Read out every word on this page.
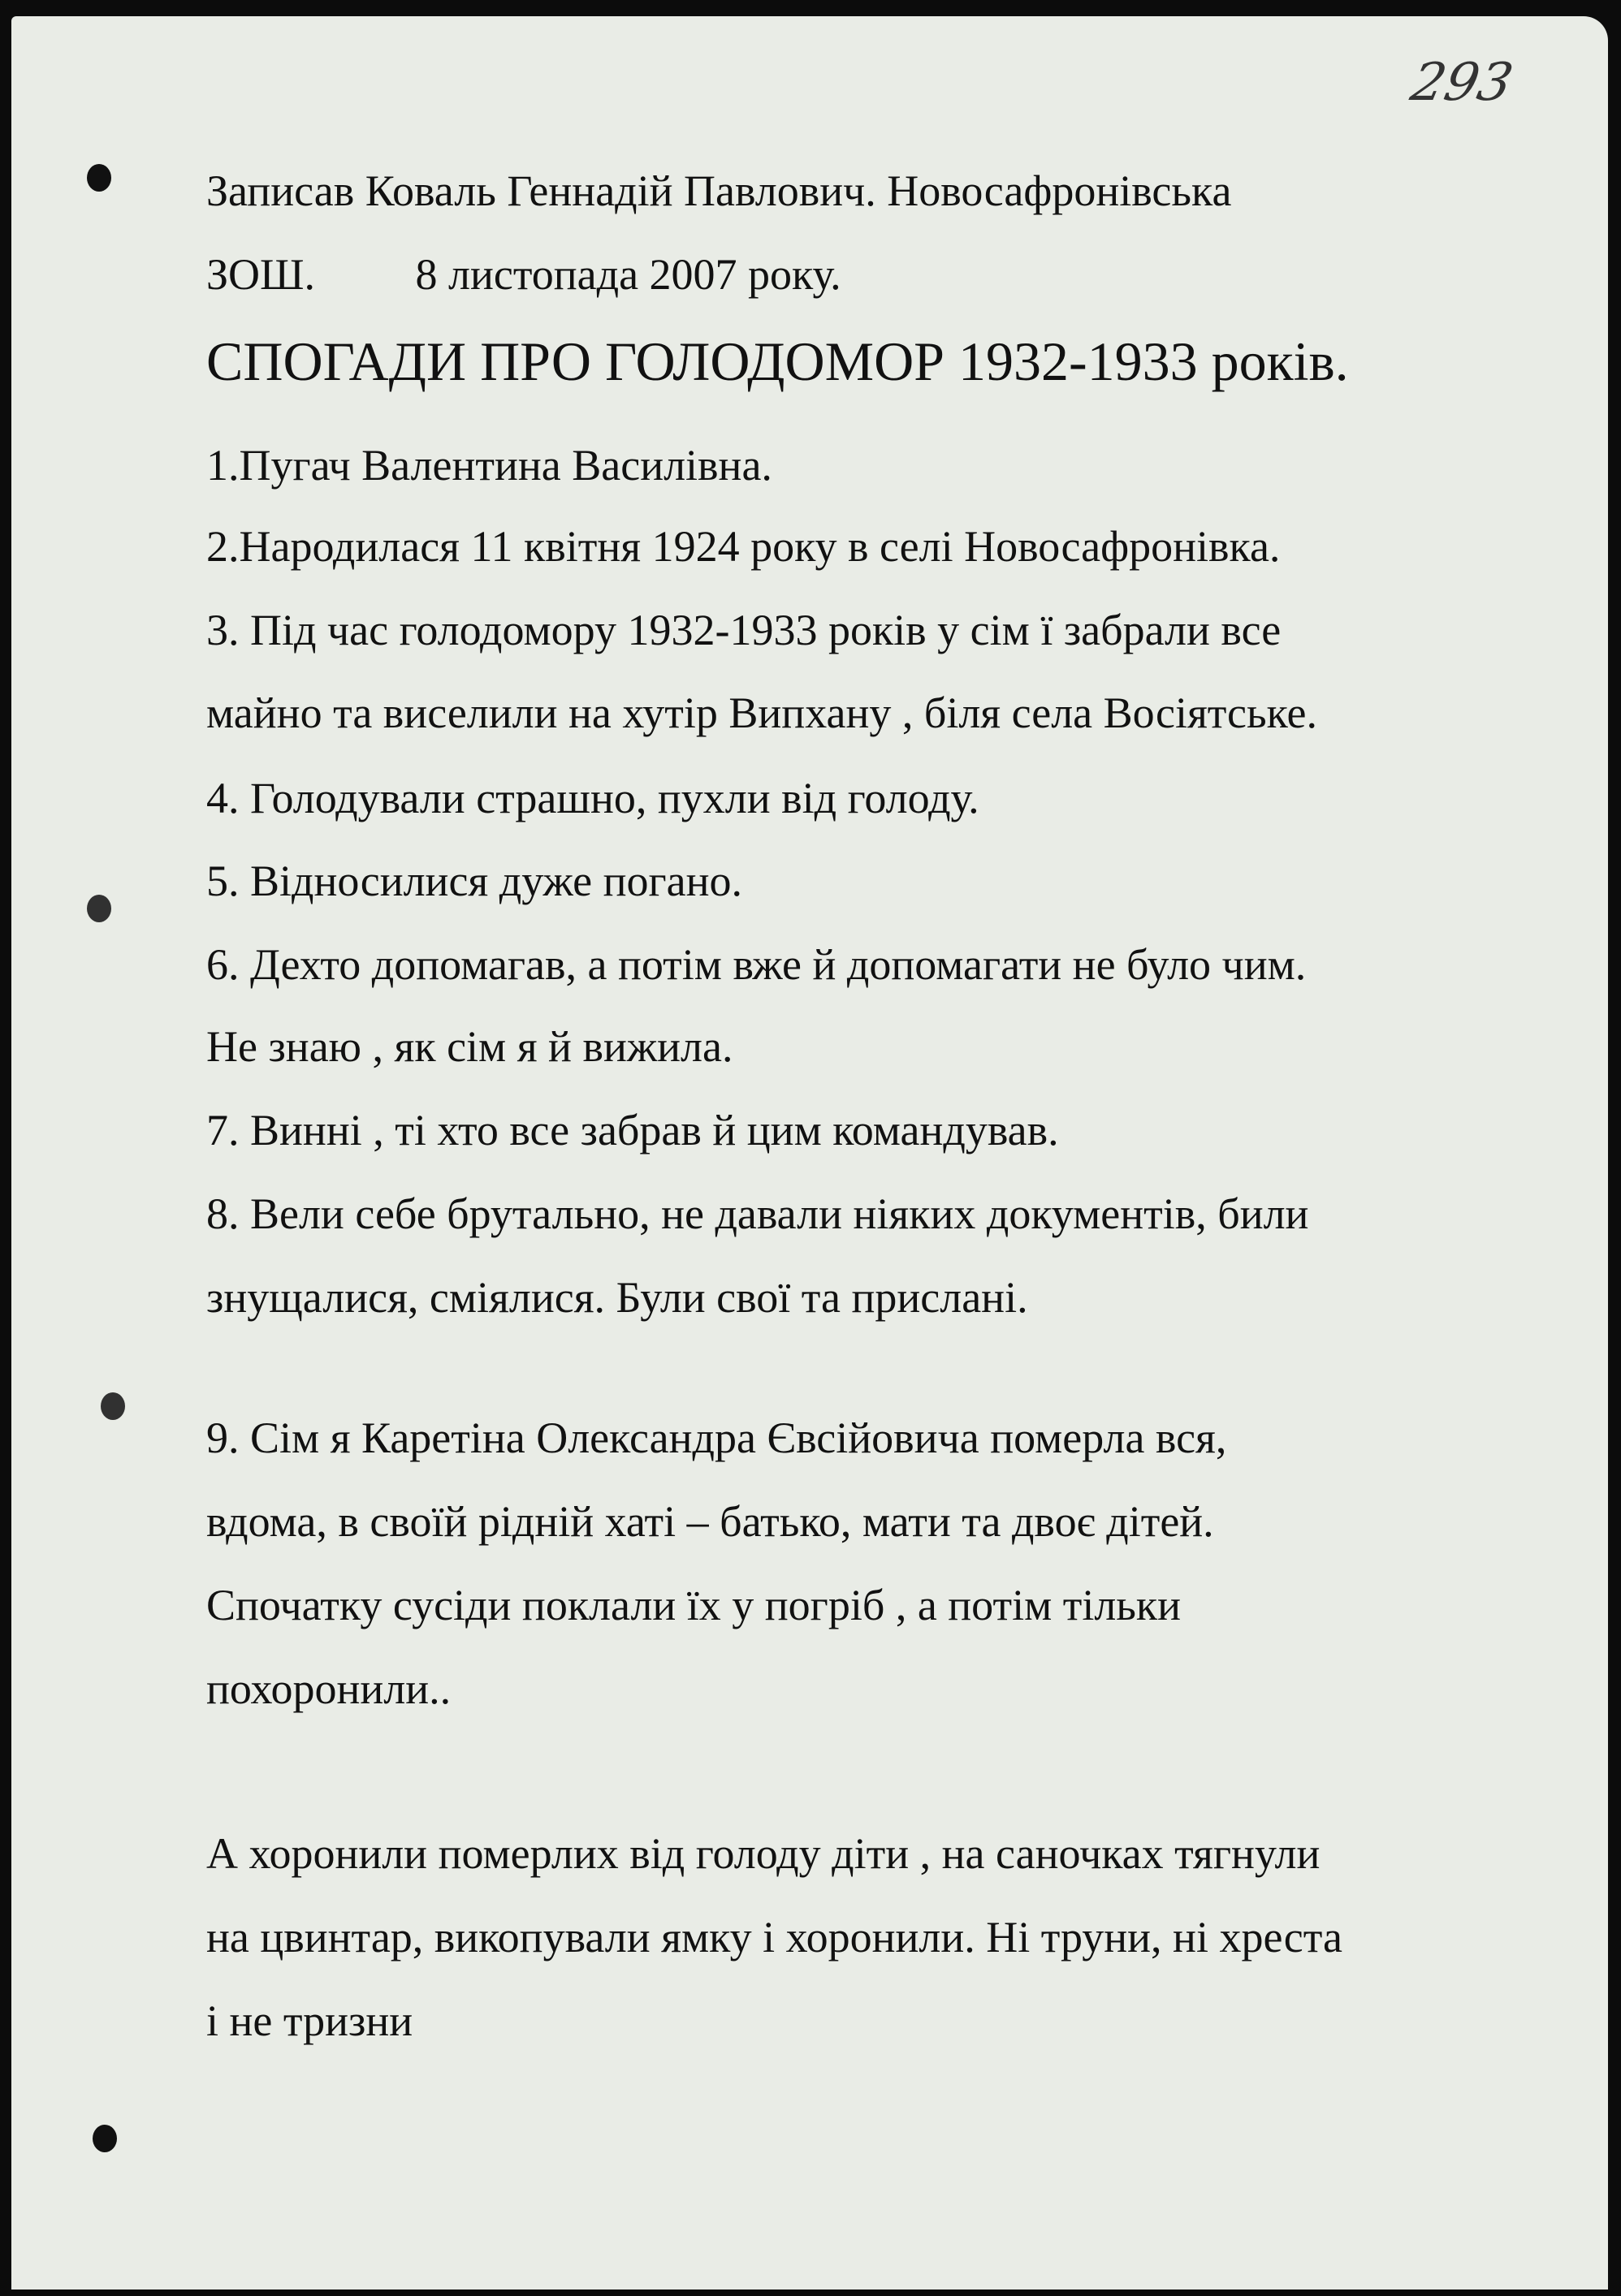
293
Записав Коваль Геннадій Павлович. Новосафронівська
ЗОШ. 8 листопада 2007 року.
СПОГАДИ ПРО ГОЛОДОМОР 1932-1933 років.
1.Пугач Валентина Василівна.
2.Народилася 11 квітня 1924 року в селі Новосафронівка.
3. Під час голодомору 1932-1933 років у сім ї забрали все
майно та виселили на хутір Випхану , біля села Восіятське.
4. Голодували страшно, пухли від голоду.
5. Відносилися дуже погано.
6. Дехто допомагав, а потім вже й допомагати не було чим.
Не знаю , як сім я й вижила.
7. Винні , ті хто все забрав й цим командував.
8. Вели себе брутально, не давали ніяких документів, били
знущалися, сміялися. Були свої та прислані.
9. Сім я Каретіна Олександра Євсійовича померла вся,
вдома, в своїй рідній хаті – батько, мати та двоє дітей.
Спочатку сусіди поклали їх у погріб , а потім тільки
похоронили..
А хоронили померлих від голоду діти , на саночках тягнули
на цвинтар, викопували ямку і хоронили. Ні труни, ні хреста
і не тризни
